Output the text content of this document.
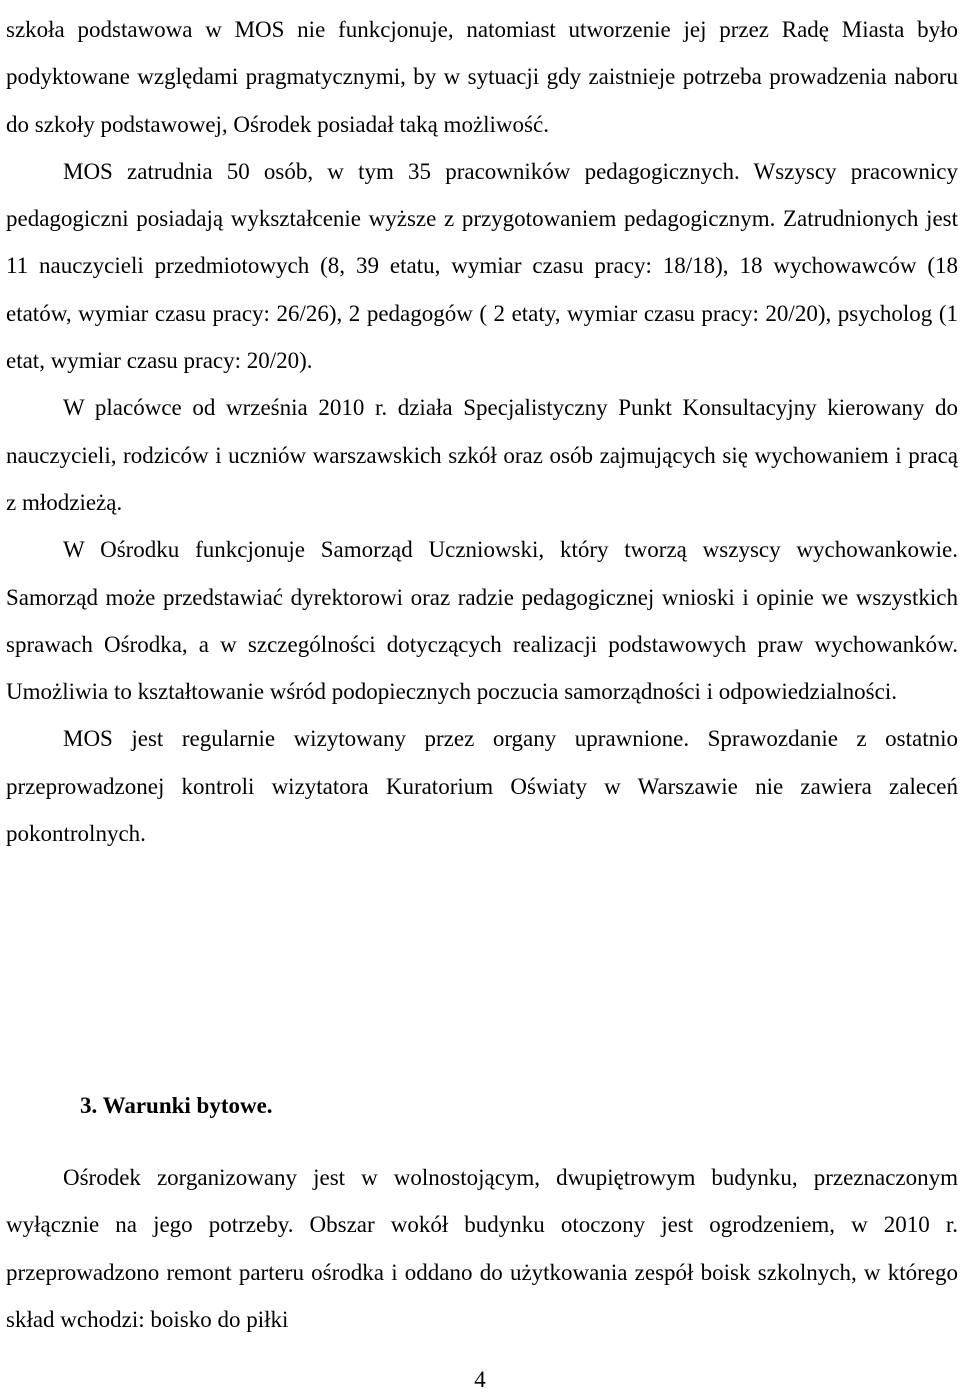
szkoła podstawowa w MOS nie funkcjonuje, natomiast utworzenie jej przez Radę Miasta było podyktowane względami pragmatycznymi, by w sytuacji gdy zaistnieje potrzeba prowadzenia naboru do szkoły podstawowej, Ośrodek posiadał taką możliwość.

MOS zatrudnia 50 osób, w tym 35 pracowników pedagogicznych. Wszyscy pracownicy pedagogiczni posiadają wykształcenie wyższe z przygotowaniem pedagogicznym. Zatrudnionych jest 11 nauczycieli przedmiotowych (8, 39 etatu, wymiar czasu pracy: 18/18), 18 wychowawców (18 etatów, wymiar czasu pracy: 26/26), 2 pedagogów ( 2 etaty, wymiar czasu pracy: 20/20), psycholog (1 etat, wymiar czasu pracy: 20/20).

W placówce od września 2010 r. działa Specjalistyczny Punkt Konsultacyjny kierowany do nauczycieli, rodziców i uczniów warszawskich szkół oraz osób zajmujących się wychowaniem i pracą z młodzieżą.

W Ośrodku funkcjonuje Samorząd Uczniowski, który tworzą wszyscy wychowankowie. Samorząd może przedstawiać dyrektorowi oraz radzie pedagogicznej wnioski i opinie we wszystkich sprawach Ośrodka, a w szczególności dotyczących realizacji podstawowych praw wychowanków. Umożliwia to kształtowanie wśród podopiecznych poczucia samorządności i odpowiedzialności.

MOS jest regularnie wizytowany przez organy uprawnione. Sprawozdanie z ostatnio przeprowadzonej kontroli wizytatora Kuratorium Oświaty w Warszawie nie zawiera zaleceń pokontrolnych.

3. Warunki bytowe.

Ośrodek zorganizowany jest w wolnostojącym, dwupiętrowym budynku, przeznaczonym wyłącznie na jego potrzeby. Obszar wokół budynku otoczony jest ogrodzeniem, w 2010 r. przeprowadzono remont parteru ośrodka i oddano do użytkowania zespół boisk szkolnych, w którego skład wchodzi: boisko do piłki

4
